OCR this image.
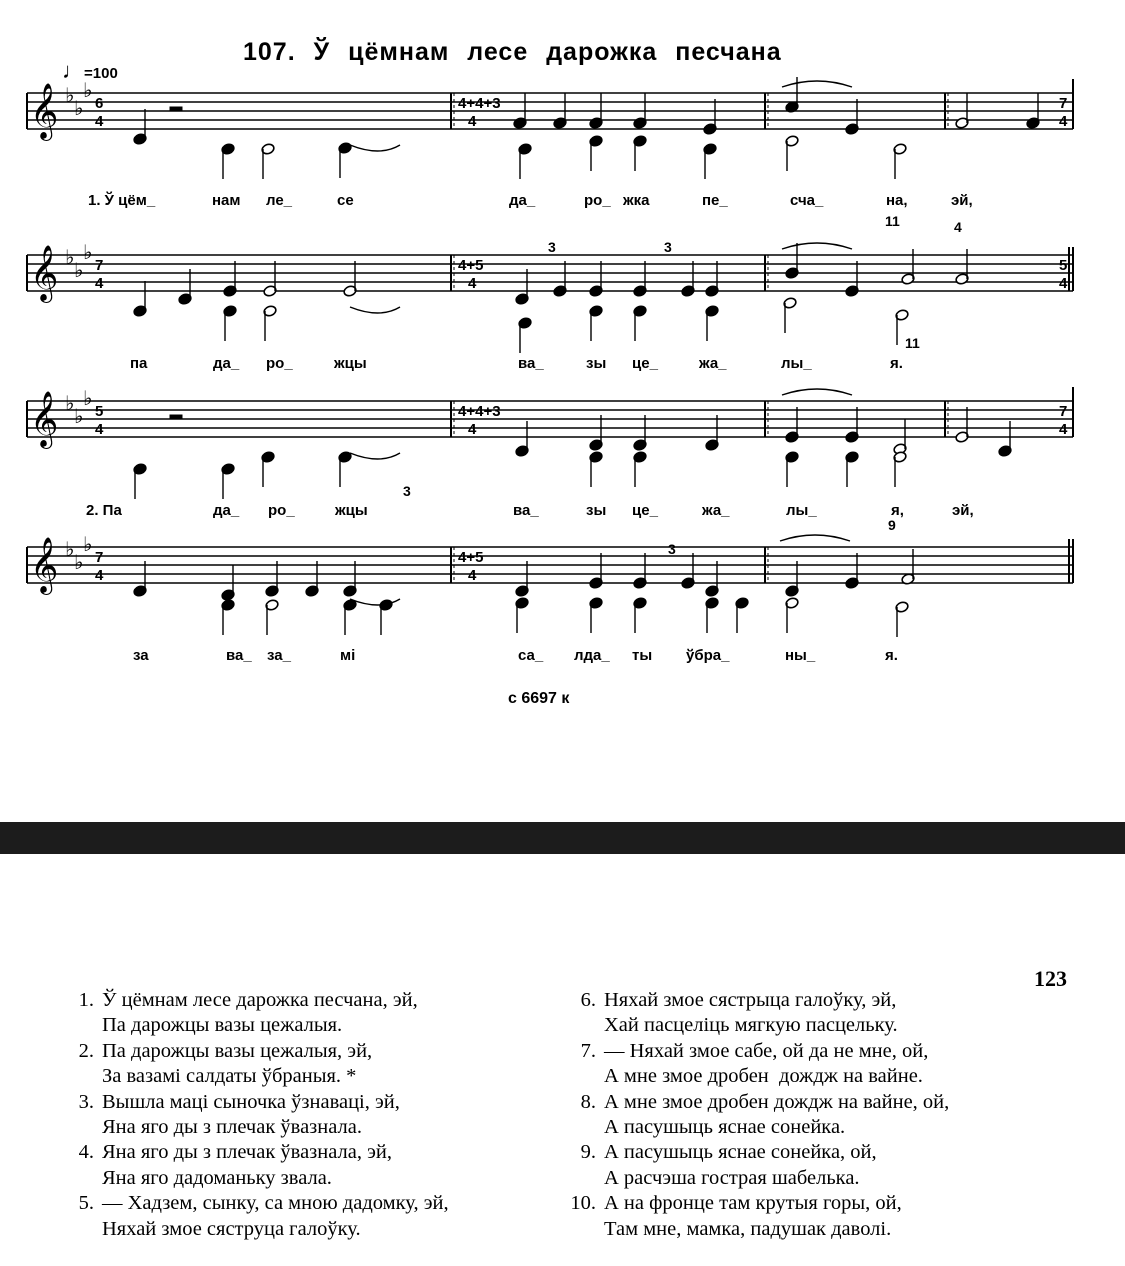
107. Ў цёмнам лесе дарожка песчана
♩=100
𝄞 ♭
♭
♭
𝄞 ♭
♭
♭
𝄞 ♭
♭
♭
𝄞 ♭
♭
♭
6
4
4+4+3
4
7
4
7
4
4+5
4
5
4
5
4
4+4+3
4
7
4
7
4
4+5
4
3	3
3
3
11
11
4
9
1. Ў цём_	нам ле_	се	да_	ро_ жка	пе_	сча_	на,	эй,
па	да_ ро_	жцы	ва_	зы це_	жа_	лы_	я.
2. Па	да_ ро_	жцы	ва_	зы це_	жа_	лы_	я,	эй,
за	ва_ за_	мі	са_ лда_ ты ўбра_	ны_	я.
с 6697 к
123
1. Ў цёмнам лесе дарожка песчана, эй,
Па дарожцы вазы цежалыя.
2. Па дарожцы вазы цежалыя, эй,
За вазамі салдаты ўбраныя. *
3. Вышла маці сыночка ўзнаваці, эй,
Яна яго ды з плечак ўвазнала.
4. Яна яго ды з плечак ўвазнала, эй,
Яна яго дадоманьку звала.
5. — Хадзем, сынку, са мною дадомку, эй,
Няхай змое сяструца галоўку.
6. Няхай змое сястрыца галоўку, эй,
Хай пасцеліць мягкую пасцельку.
7. — Няхай змое сабе, ой да не мне, ой,
А мне змое дробен  дождж на вайне.
8. А мне змое дробен дождж на вайне, ой,
А пасушыць яснае сонейка.
9. А пасушыць яснае сонейка, ой,
А расчэша гострая шабелька.
10. А на фронце там крутыя горы, ой,
Там мне, мамка, падушак даволі.
